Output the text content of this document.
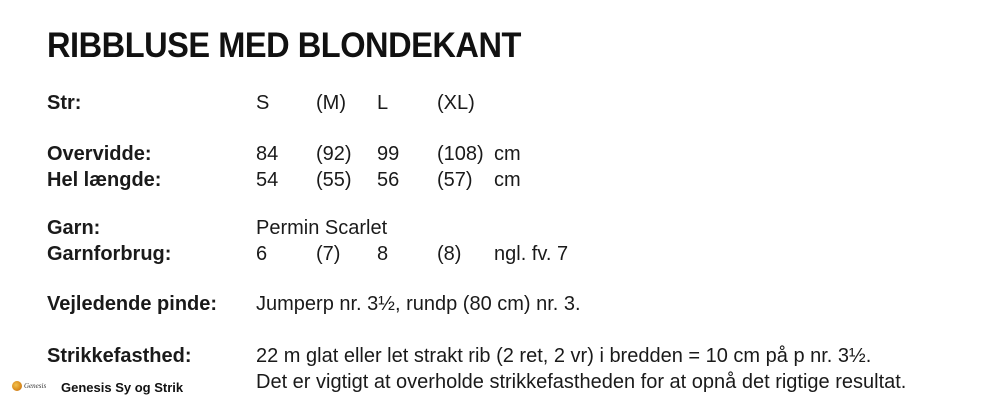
RIBBLUSE MED BLONDEKANT
Str:	S (M) L (XL)
Overvidde:	84 (92) 99 (108) cm
Hel længde:	54 (55) 56 (57) cm
Garn:	Permin Scarlet
Garnforbrug:	6 (7) 8 (8) ngl. fv. 7
Vejledende pinde: Jumperp nr. 3½, rundp (80 cm) nr. 3.
Strikkefasthed:	22 m glat eller let strakt rib (2 ret, 2 vr) i bredden = 10 cm på p nr. 3½.
Det er vigtigt at overholde strikkefastheden for at opnå det rigtige resultat.
Genesis Genesis Sy og Strik
